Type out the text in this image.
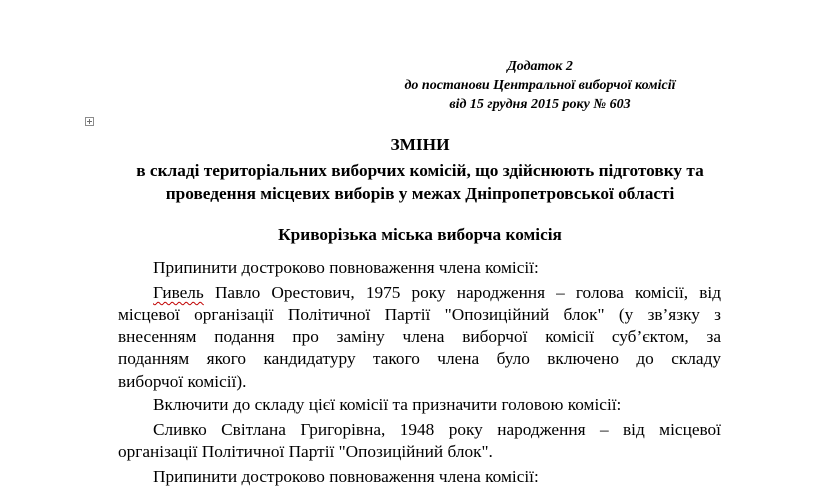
Додаток 2
до постанови Центральної виборчої комісії
від 15 грудня 2015 року № 603
ЗМІНИ
в складі територіальних виборчих комісій, що здійснюють підготовку та
проведення місцевих виборів у межах Дніпропетровської області
Криворізька міська виборча комісія
Припинити достроково повноваження члена комісії:
Гивель Павло Орестович, 1975 року народження – голова комісії, від
місцевої організації Політичної Партії "Опозиційний блок" (у зв’язку з
внесенням подання про заміну члена виборчої комісії суб’єктом, за
поданням якого кандидатуру такого члена було включено до складу
виборчої комісії).
Включити до складу цієї комісії та призначити головою комісії:
Сливко Світлана Григорівна, 1948 року народження – від місцевої
організації Політичної Партії "Опозиційний блок".
Припинити достроково повноваження члена комісії:
